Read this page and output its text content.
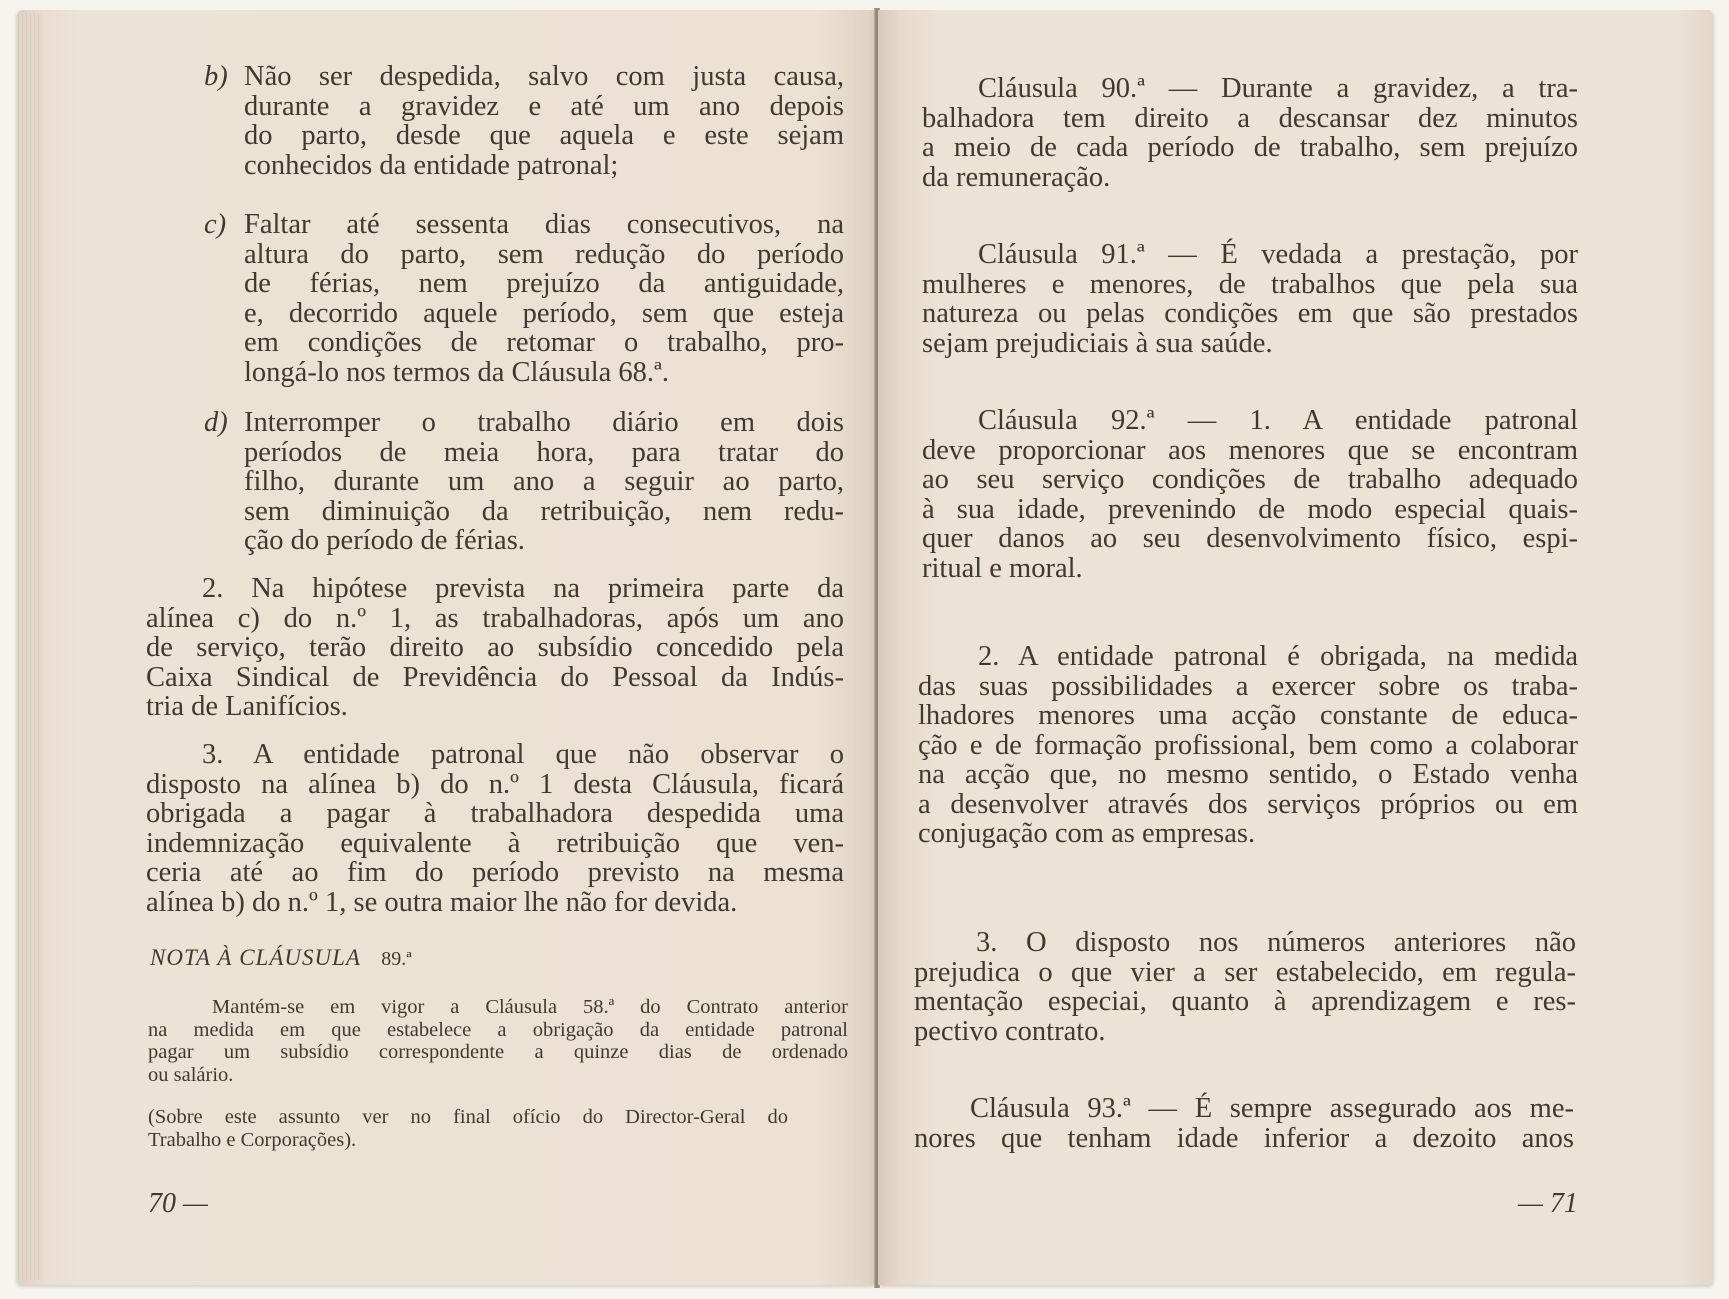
b) Não ser despedida, salvo com justa causa,
durante a gravidez e até um ano depois
do parto, desde que aquela e este sejam
conhecidos da entidade patronal;
c) Faltar até sessenta dias consecutivos, na
altura do parto, sem redução do período
de férias, nem prejuízo da antiguidade,
e, decorrido aquele período, sem que esteja
em condições de retomar o trabalho, pro-
longá-lo nos termos da Cláusula 68.ª.
d) Interromper o trabalho diário em dois
períodos de meia hora, para tratar do
filho, durante um ano a seguir ao parto,
sem diminuição da retribuição, nem redu-
ção do período de férias.
2. Na hipótese prevista na primeira parte da
alínea c) do n.º 1, as trabalhadoras, após um ano
de serviço, terão direito ao subsídio concedido pela
Caixa Sindical de Previdência do Pessoal da Indús-
tria de Lanifícios.
3. A entidade patronal que não observar o
disposto na alínea b) do n.º 1 desta Cláusula, ficará
obrigada a pagar à trabalhadora despedida uma
indemnização equivalente à retribuição que ven-
ceria até ao fim do período previsto na mesma
alínea b) do n.º 1, se outra maior lhe não for devida.
NOTA À CLÁUSULA 89.ª
Mantém-se em vigor a Cláusula 58.ª do Contrato anterior
na medida em que estabelece a obrigação da entidade patronal
pagar um subsídio correspondente a quinze dias de ordenado
ou salário.
(Sobre este assunto ver no final ofício do Director-Geral do
Trabalho e Corporações).
70 —
Cláusula 90.ª — Durante a gravidez, a tra-
balhadora tem direito a descansar dez minutos
a meio de cada período de trabalho, sem prejuízo
da remuneração.
Cláusula 91.ª — É vedada a prestação, por
mulheres e menores, de trabalhos que pela sua
natureza ou pelas condições em que são prestados
sejam prejudiciais à sua saúde.
Cláusula 92.ª — 1. A entidade patronal
deve proporcionar aos menores que se encontram
ao seu serviço condições de trabalho adequado
à sua idade, prevenindo de modo especial quais-
quer danos ao seu desenvolvimento físico, espi-
ritual e moral.
2. A entidade patronal é obrigada, na medida
das suas possibilidades a exercer sobre os traba-
lhadores menores uma acção constante de educa-
ção e de formação profissional, bem como a colaborar
na acção que, no mesmo sentido, o Estado venha
a desenvolver através dos serviços próprios ou em
conjugação com as empresas.
3. O disposto nos números anteriores não
prejudica o que vier a ser estabelecido, em regula-
mentação especiai, quanto à aprendizagem e res-
pectivo contrato.
Cláusula 93.ª — É sempre assegurado aos me-
nores que tenham idade inferior a dezoito anos
— 71
